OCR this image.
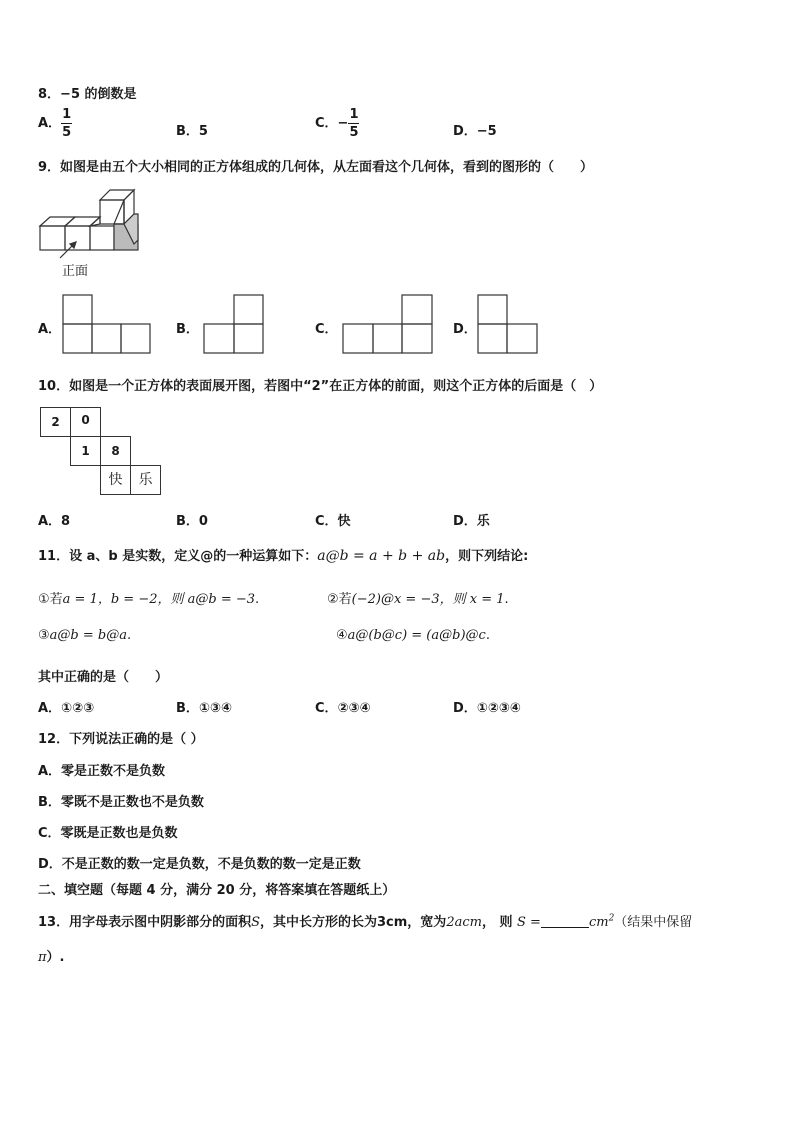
8．−5 的倒数是
A． $\frac{1}{5}$	B．5
C．− $\frac{1}{5}$	D．−5
9．如图是由五个大小相同的正方体组成的几何体，从左面看这个几何体，看到的图形的（　　）
正面
A．	B．	C．	D．
10．如图是一个正方体的表面展开图，若图中“2”在正方体的前面，则这个正方体的后面是（　）
2	0
1	8
快	乐
A．8	B．0	C．快	D．乐
11．设 a、b 是实数，定义@的一种运算如下：a@b = a + b + ab，则下列结论:
①若a = 1，b = −2，则 a@b = −3.	②若(−2)@x = −3，则 x = 1.
③a@b = b@a.	④a@(b@c) = (a@b)@c.
其中正确的是（　　）
A．①②③	B．①③④	C．②③④	D．①②③④
12．下列说法正确的是（ ）
A．零是正数不是负数
B．零既不是正数也不是负数
C．零既是正数也是负数
D．不是正数的数一定是负数，不是负数的数一定是正数
二、填空题（每题 4 分，满分 20 分，将答案填在答题纸上）
13．用字母表示图中阴影部分的面积S，其中长方形的长为3cm，宽为2acm， 则 S =	$cm^2$（结果中保留
π）.
